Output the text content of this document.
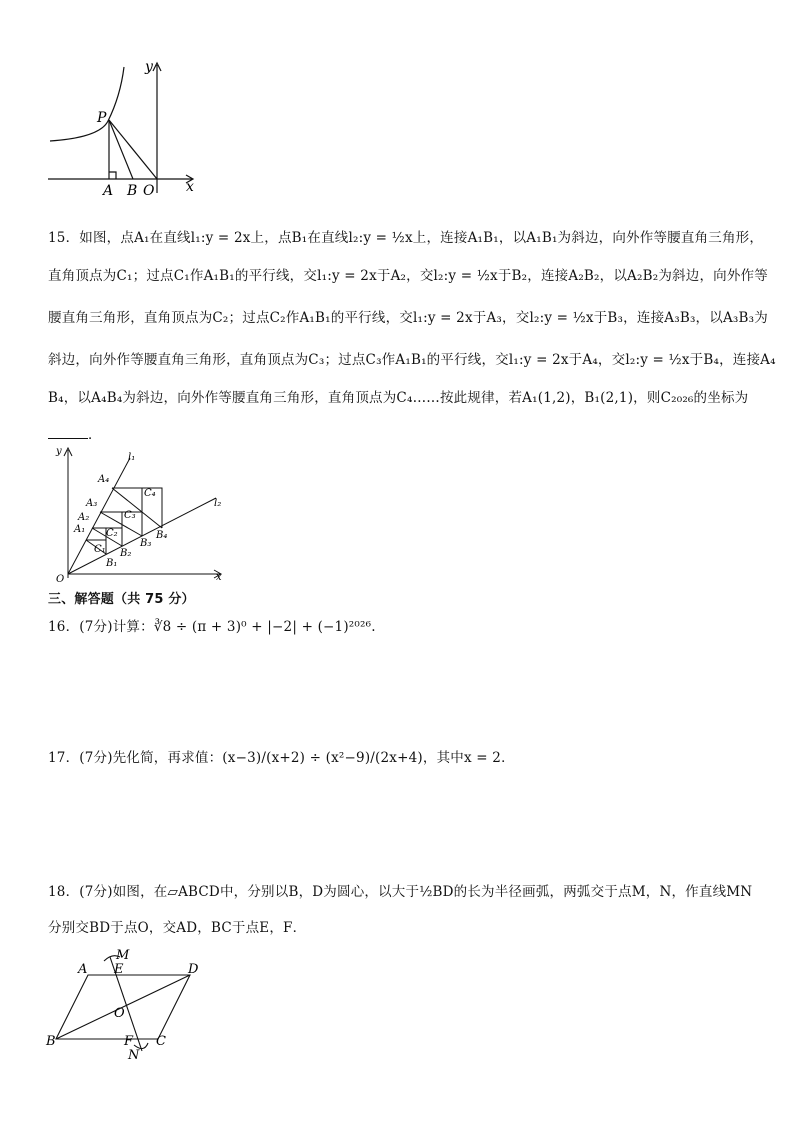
y
x
P
A B O
15．如图，点A₁在直线l₁:y = 2x上，点B₁在直线l₂:y = ½x上，连接A₁B₁，以A₁B₁为斜边，向外作等腰直角三角形，
直角顶点为C₁；过点C₁作A₁B₁的平行线，交l₁:y = 2x于A₂，交l₂:y = ½x于B₂，连接A₂B₂，以A₂B₂为斜边，向外作等
腰直角三角形，直角顶点为C₂；过点C₂作A₁B₁的平行线，交l₁:y = 2x于A₃，交l₂:y = ½x于B₃，连接A₃B₃，以A₃B₃为
斜边，向外作等腰直角三角形，直角顶点为C₃；过点C₃作A₁B₁的平行线，交l₁:y = 2x于A₄，交l₂:y = ½x于B₄，连接A₄
B₄，以A₄B₄为斜边，向外作等腰直角三角形，直角顶点为C₄……按此规律，若A₁(1,2)，B₁(2,1)，则C₂₀₂₆的坐标为
．
y
x
O
l₁
l₂
A₁
A₂
A₃
A₄
B₁
B₂
B₃
B₄
C₁
C₂
C₃
C₄
三、解答题（共 75 分）
16．(7分)计算：∛8 ÷ (π + 3)⁰ + |−2| + (−1)²⁰²⁶.
17．(7分)先化简，再求值：(x−3)/(x+2) ÷ (x²−9)/(2x+4)，其中x = 2．
18．(7分)如图，在▱ABCD中，分别以B，D为圆心，以大于½BD的长为半径画弧，两弧交于点M，N，作直线MN
分别交BD于点O，交AD，BC于点E，F．
A
M
E	D
O
B	F C
N
